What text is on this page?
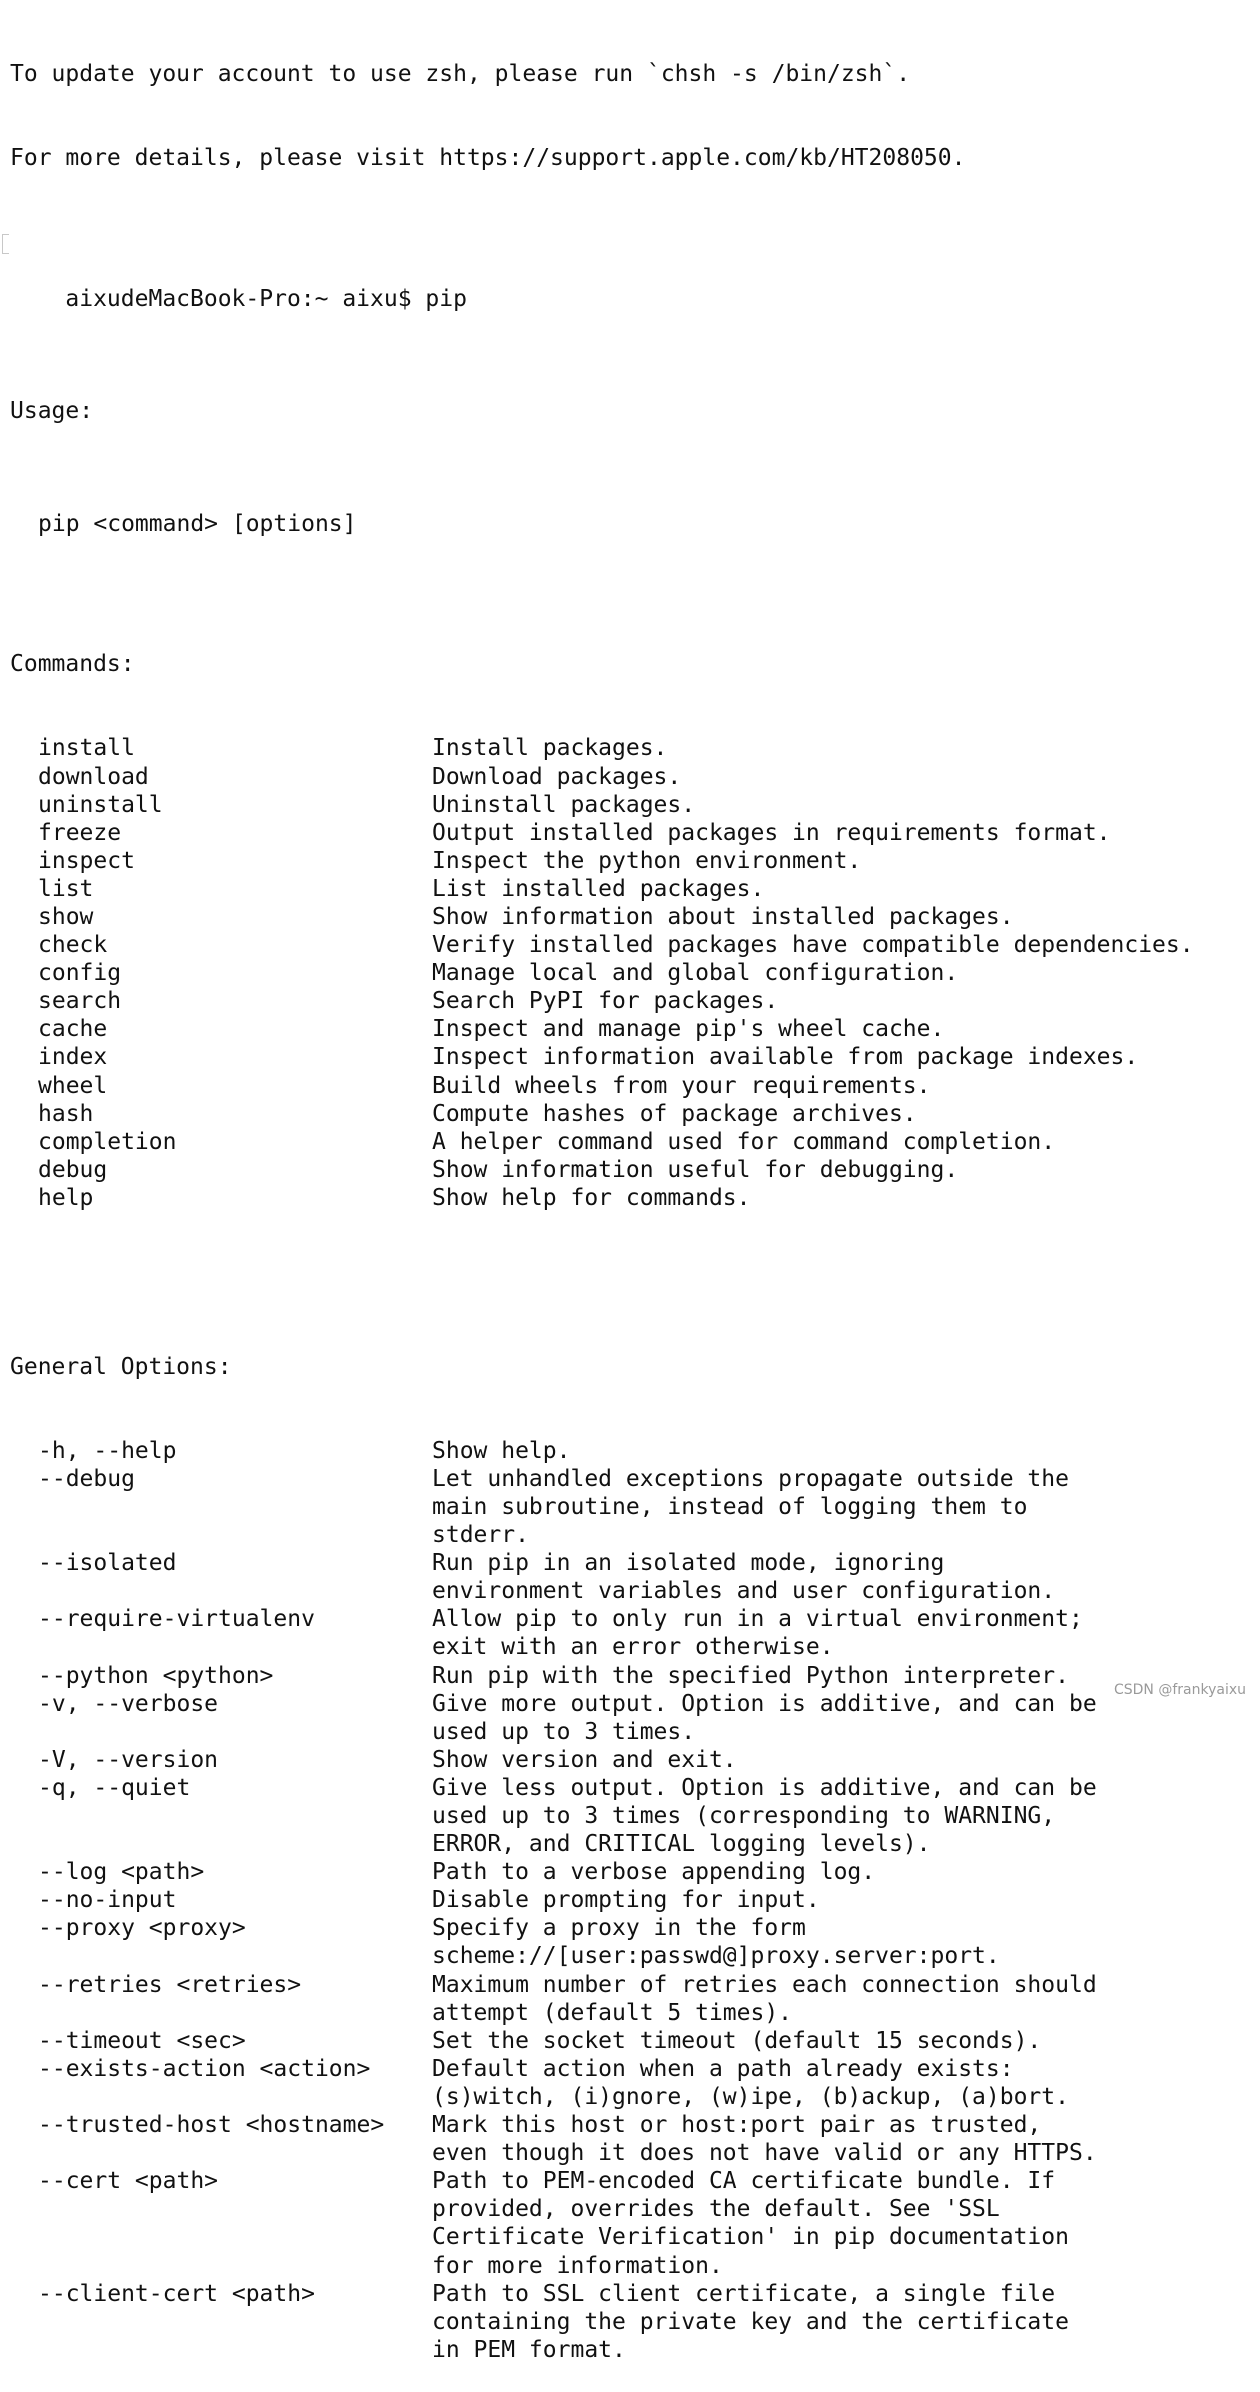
To update your account to use zsh, please run `chsh -s /bin/zsh`.

For more details, please visit https://support.apple.com/kb/HT208050.

aixudeMacBook-Pro:~ aixu$ pip

Usage:

pip <command> [options]

Commands:

install	Install packages.
download	Download packages.
uninstall	Uninstall packages.
freeze	Output installed packages in requirements format.
inspect	Inspect the python environment.
list	List installed packages.
show	Show information about installed packages.
check	Verify installed packages have compatible dependencies.
config	Manage local and global configuration.
search	Search PyPI for packages.
cache	Inspect and manage pip's wheel cache.
index	Inspect information available from package indexes.
wheel	Build wheels from your requirements.
hash	Compute hashes of package archives.
completion	A helper command used for command completion.
debug	Show information useful for debugging.
help	Show help for commands.

General Options:

-h, --help	Show help.
--debug	Let unhandled exceptions propagate outside the
main subroutine, instead of logging them to
stderr.
--isolated	Run pip in an isolated mode, ignoring
environment variables and user configuration.
--require-virtualenv	Allow pip to only run in a virtual environment;
exit with an error otherwise.
--python <python>	Run pip with the specified Python interpreter.
-v, --verbose	Give more output. Option is additive, and can be
used up to 3 times.
-V, --version	Show version and exit.
-q, --quiet	Give less output. Option is additive, and can be
used up to 3 times (corresponding to WARNING,
ERROR, and CRITICAL logging levels).
--log <path>	Path to a verbose appending log.
--no-input	Disable prompting for input.
--proxy <proxy>	Specify a proxy in the form
scheme://[user:passwd@]proxy.server:port.
--retries <retries>	Maximum number of retries each connection should
attempt (default 5 times).
--timeout <sec>	Set the socket timeout (default 15 seconds).
--exists-action <action>	Default action when a path already exists:
(s)witch, (i)gnore, (w)ipe, (b)ackup, (a)bort.
--trusted-host <hostname> Mark this host or host:port pair as trusted,
even though it does not have valid or any HTTPS.
--cert <path>	Path to PEM-encoded CA certificate bundle. If
provided, overrides the default. See 'SSL
Certificate Verification' in pip documentation
for more information.
--client-cert <path>	Path to SSL client certificate, a single file
containing the private key and the certificate
in PEM format.

CSDN @frankyaixu
